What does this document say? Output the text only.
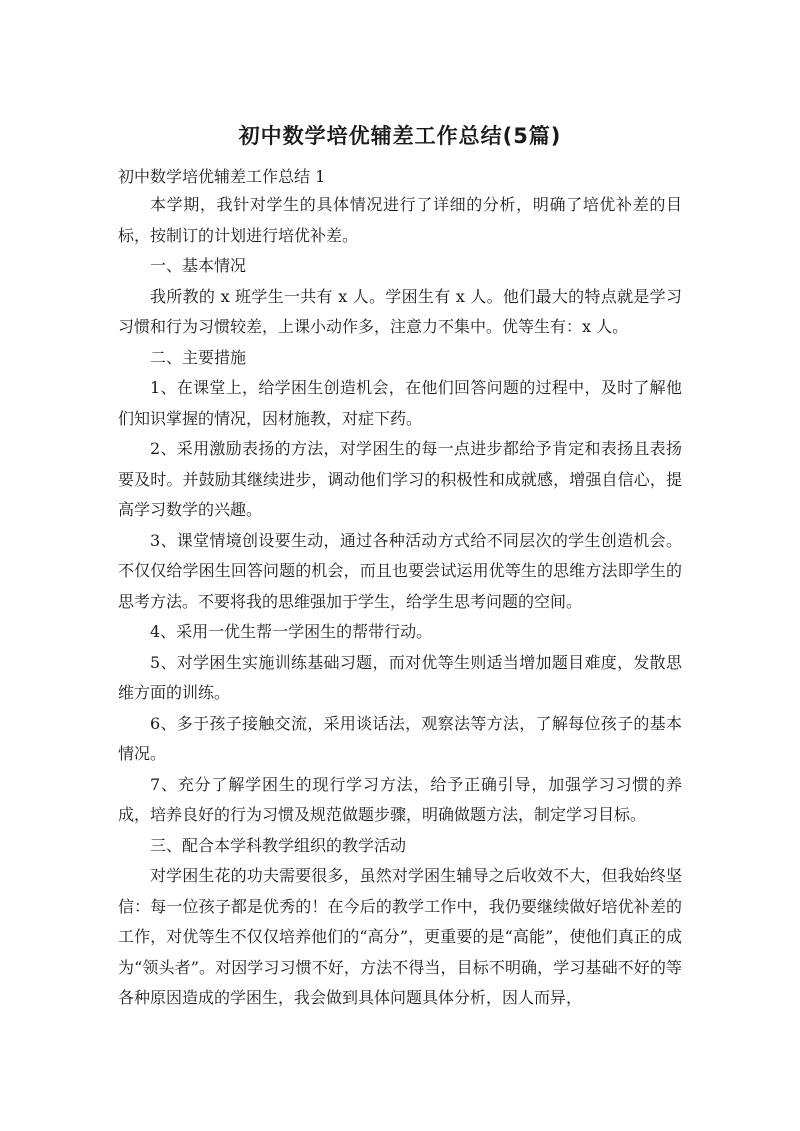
初中数学培优辅差工作总结(5篇)
初中数学培优辅差工作总结 1

本学期，我针对学生的具体情况进行了详细的分析，明确了培优补差的目标，按制订的计划进行培优补差。

一、基本情况

我所教的 x 班学生一共有 x 人。学困生有 x 人。他们最大的特点就是学习习惯和行为习惯较差，上课小动作多，注意力不集中。优等生有：x 人。

二、主要措施

1、在课堂上，给学困生创造机会，在他们回答问题的过程中，及时了解他们知识掌握的情况，因材施教，对症下药。

2、采用激励表扬的方法，对学困生的每一点进步都给予肯定和表扬且表扬要及时。并鼓励其继续进步，调动他们学习的积极性和成就感，增强自信心，提高学习数学的兴趣。

3、课堂情境创设要生动，通过各种活动方式给不同层次的学生创造机会。不仅仅给学困生回答问题的机会，而且也要尝试运用优等生的思维方法即学生的思考方法。不要将我的思维强加于学生，给学生思考问题的空间。

4、采用一优生帮一学困生的帮带行动。

5、对学困生实施训练基础习题，而对优等生则适当增加题目难度，发散思维方面的训练。

6、多于孩子接触交流，采用谈话法，观察法等方法，了解每位孩子的基本情况。

7、充分了解学困生的现行学习方法，给予正确引导，加强学习习惯的养成，培养良好的行为习惯及规范做题步骤，明确做题方法，制定学习目标。

三、配合本学科教学组织的教学活动

对学困生花的功夫需要很多，虽然对学困生辅导之后收效不大，但我始终坚信：每一位孩子都是优秀的！在今后的教学工作中，我仍要继续做好培优补差的工作，对优等生不仅仅培养他们的“高分”，更重要的是“高能”，使他们真正的成为“领头者”。对因学习习惯不好，方法不得当，目标不明确，学习基础不好的等各种原因造成的学困生，我会做到具体问题具体分析，因人而异，
